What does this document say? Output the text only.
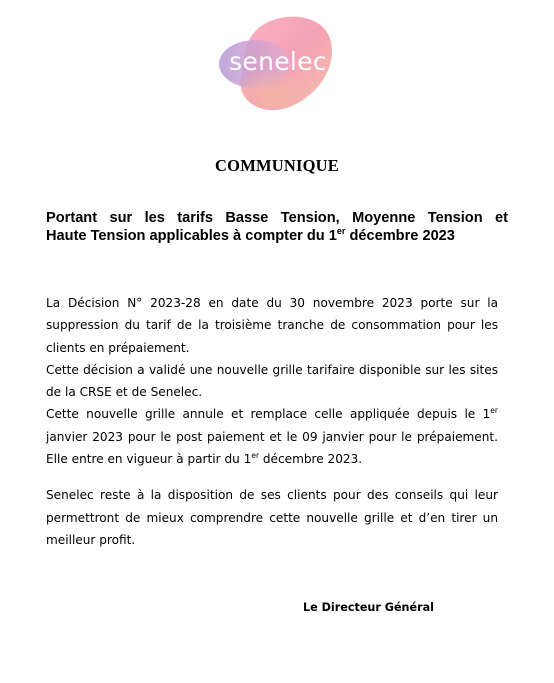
senelec
COMMUNIQUE
Portant sur les tarifs Basse Tension, Moyenne Tension et
Haute Tension applicables à compter du 1er décembre 2023

La Décision N° 2023-28 en date du 30 novembre 2023 porte sur la suppression du tarif de la troisième tranche de consommation pour les clients en prépaiement.

Cette décision a validé une nouvelle grille tarifaire disponible sur les sites de la CRSE et de Senelec.

Cette nouvelle grille annule et remplace celle appliquée depuis le 1er janvier 2023 pour le post paiement et le 09 janvier pour le prépaiement. Elle entre en vigueur à partir du 1er décembre 2023.

Senelec reste à la disposition de ses clients pour des conseils qui leur permettront de mieux comprendre cette nouvelle grille et d’en tirer un meilleur profit.

Le Directeur Général
